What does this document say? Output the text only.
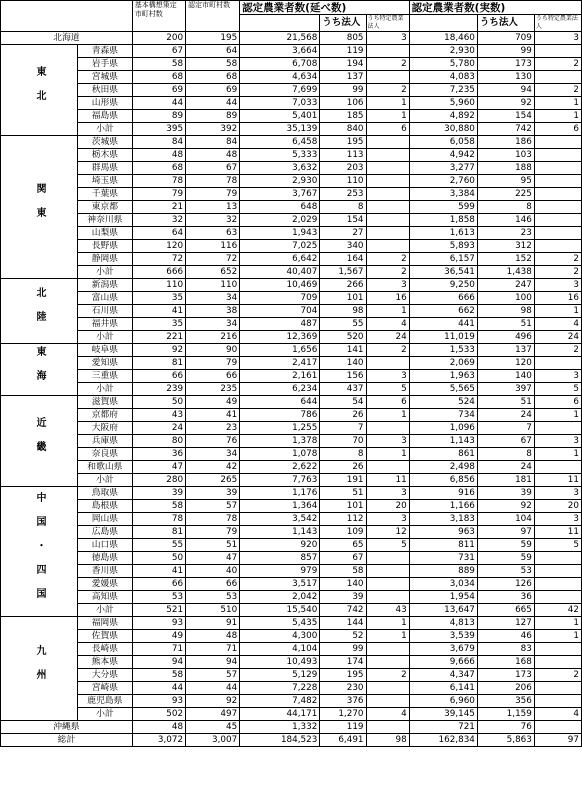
		基本構想策定市町村数	認定市町村数	認定農業者数(延べ数)			認定農業者数(実数)		
					うち法人	うち特定農業法人		うち法人	うち特定農業法人
北海道		200	195	21,568	805	3	18,460	709	3
東北	青森県	67	64	3,664	119		2,930	99	
	岩手県	58	58	6,708	194	2	5,780	173	2
	宮城県	68	68	4,634	137		4,083	130	
	秋田県	69	69	7,699	99	2	7,235	94	2
	山形県	44	44	7,033	106	1	5,960	92	1
	福島県	89	89	5,401	185	1	4,892	154	1
	小計	395	392	35,139	840	6	30,880	742	6
関東	茨城県	84	84	6,458	195		6,058	186	
	栃木県	48	48	5,333	113		4,942	103	
	群馬県	68	67	3,632	203		3,277	188	
	埼玉県	78	78	2,930	110		2,760	95	
	千葉県	79	79	3,767	253		3,384	225	
	東京都	21	13	648	8		599	8	
	神奈川県	32	32	2,029	154		1,858	146	
	山梨県	64	63	1,943	27		1,613	23	
	長野県	120	116	7,025	340		5,893	312	
	静岡県	72	72	6,642	164	2	6,157	152	2
	小計	666	652	40,407	1,567	2	36,541	1,438	2
北陸	新潟県	110	110	10,469	266	3	9,250	247	3
	富山県	35	34	709	101	16	666	100	16
	石川県	41	38	704	98	1	662	98	1
	福井県	35	34	487	55	4	441	51	4
	小計	221	216	12,369	520	24	11,019	496	24
東海	岐阜県	92	90	1,656	141	2	1,533	137	2
	愛知県	81	79	2,417	140		2,069	120	
	三重県	66	66	2,161	156	3	1,963	140	3
	小計	239	235	6,234	437	5	5,565	397	5
近畿	滋賀県	50	49	644	54	6	524	51	6
	京都府	43	41	786	26	1	734	24	1
	大阪府	24	23	1,255	7		1,096	7	
	兵庫県	80	76	1,378	70	3	1,143	67	3
	奈良県	36	34	1,078	8	1	861	8	1
	和歌山県	47	42	2,622	26		2,498	24	
	小計	280	265	7,763	191	11	6,856	181	11
中国・四国	鳥取県	39	39	1,176	51	3	916	39	3
	島根県	58	57	1,364	101	20	1,166	92	20
	岡山県	78	78	3,542	112	3	3,183	104	3
	広島県	81	79	1,143	109	12	963	97	11
	山口県	55	51	920	65	5	811	59	5
	徳島県	50	47	857	67		731	59	
	香川県	41	40	979	58		889	53	
	愛媛県	66	66	3,517	140		3,034	126	
	高知県	53	53	2,042	39		1,954	36	
	小計	521	510	15,540	742	43	13,647	665	42
九州	福岡県	93	91	5,435	144	1	4,813	127	1
	佐賀県	49	48	4,300	52	1	3,539	46	1
	長崎県	71	71	4,104	99		3,679	83	
	熊本県	94	94	10,493	174		9,666	168	
	大分県	58	57	5,129	195	2	4,347	173	2
	宮崎県	44	44	7,228	230		6,141	206	
	鹿児島県	93	92	7,482	376		6,960	356	
	小計	502	497	44,171	1,270	4	39,145	1,159	4
沖縄県		48	45	1,332	119		721	76	
総計		3,072	3,007	184,523	6,491	98	162,834	5,863	97
